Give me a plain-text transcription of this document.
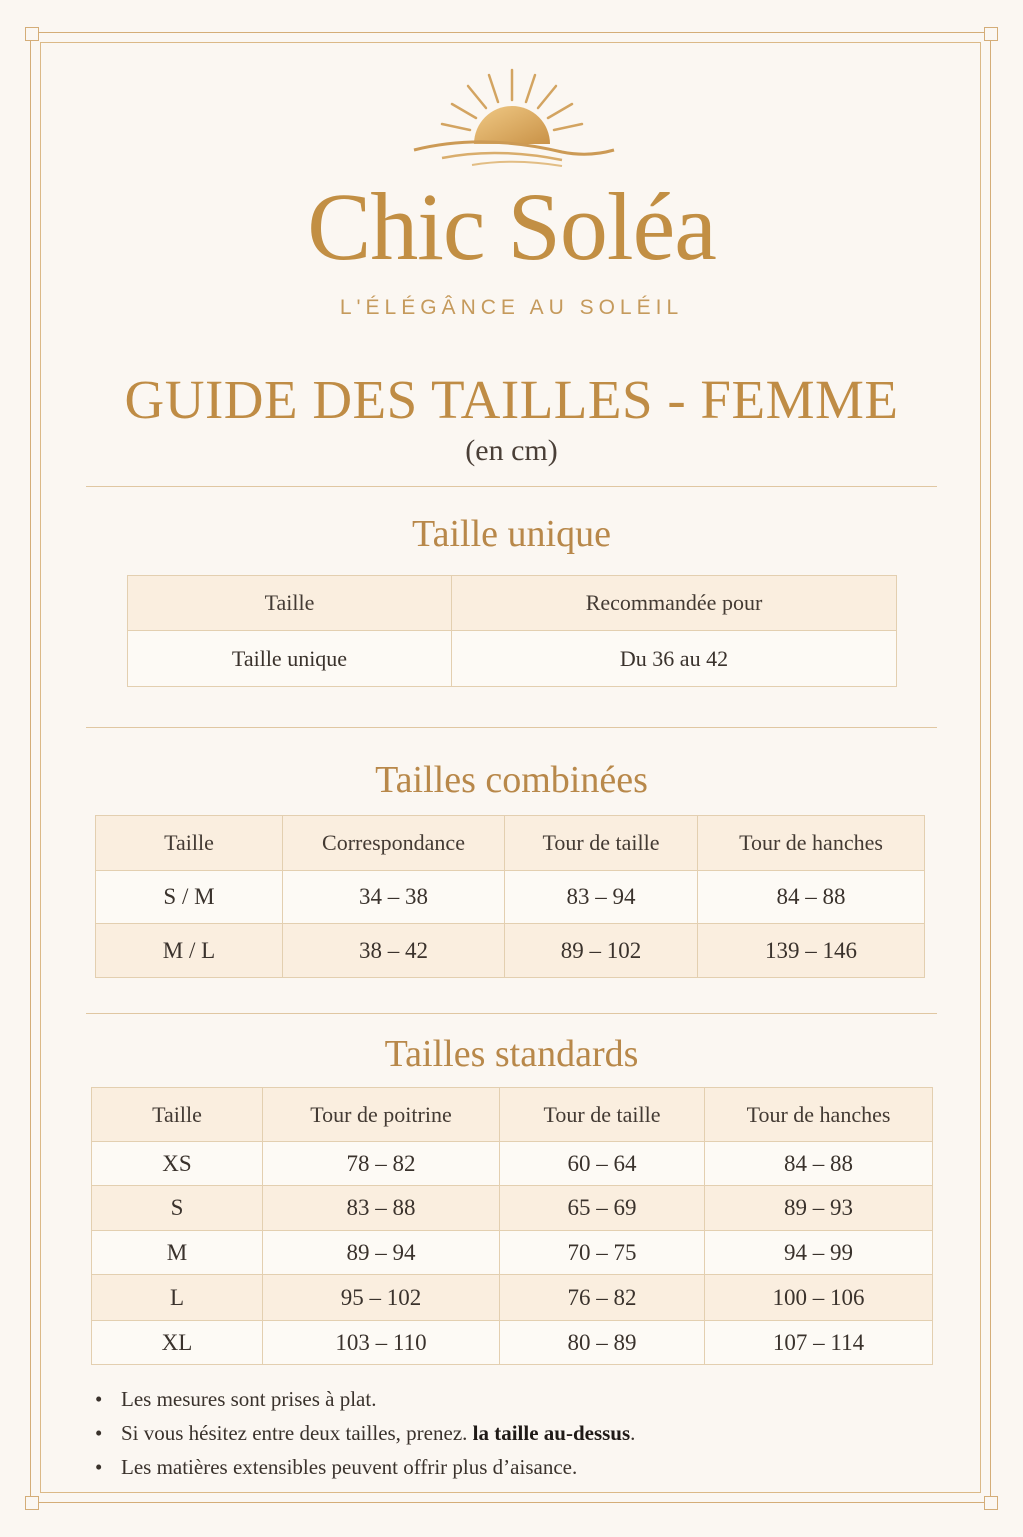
Chic Soléa
L'ÉLÉGÂNCE AU SOLÉIL
GUIDE DES TAILLES - FEMME
(en cm)
Taille unique
Taille	Recommandée pour
Taille unique	Du 36 au 42
Tailles combinées
Taille	Correspondance	Tour de taille	Tour de hanches
S / M	34 – 38	83 – 94	84 – 88
M / L	38 – 42	89 – 102	139 – 146
Tailles standards
Taille	Tour de poitrine	Tour de taille	Tour de hanches
XS	78 – 82	60 – 64	84 – 88
S	83 – 88	65 – 69	89 – 93
M	89 – 94	70 – 75	94 – 99
L	95 – 102	76 – 82	100 – 106
XL	103 – 110	80 – 89	107 – 114
• Les mesures sont prises à plat.
• Si vous hésitez entre deux tailles, prenez. la taille au-dessus.
• Les matières extensibles peuvent offrir plus d’aisance.
